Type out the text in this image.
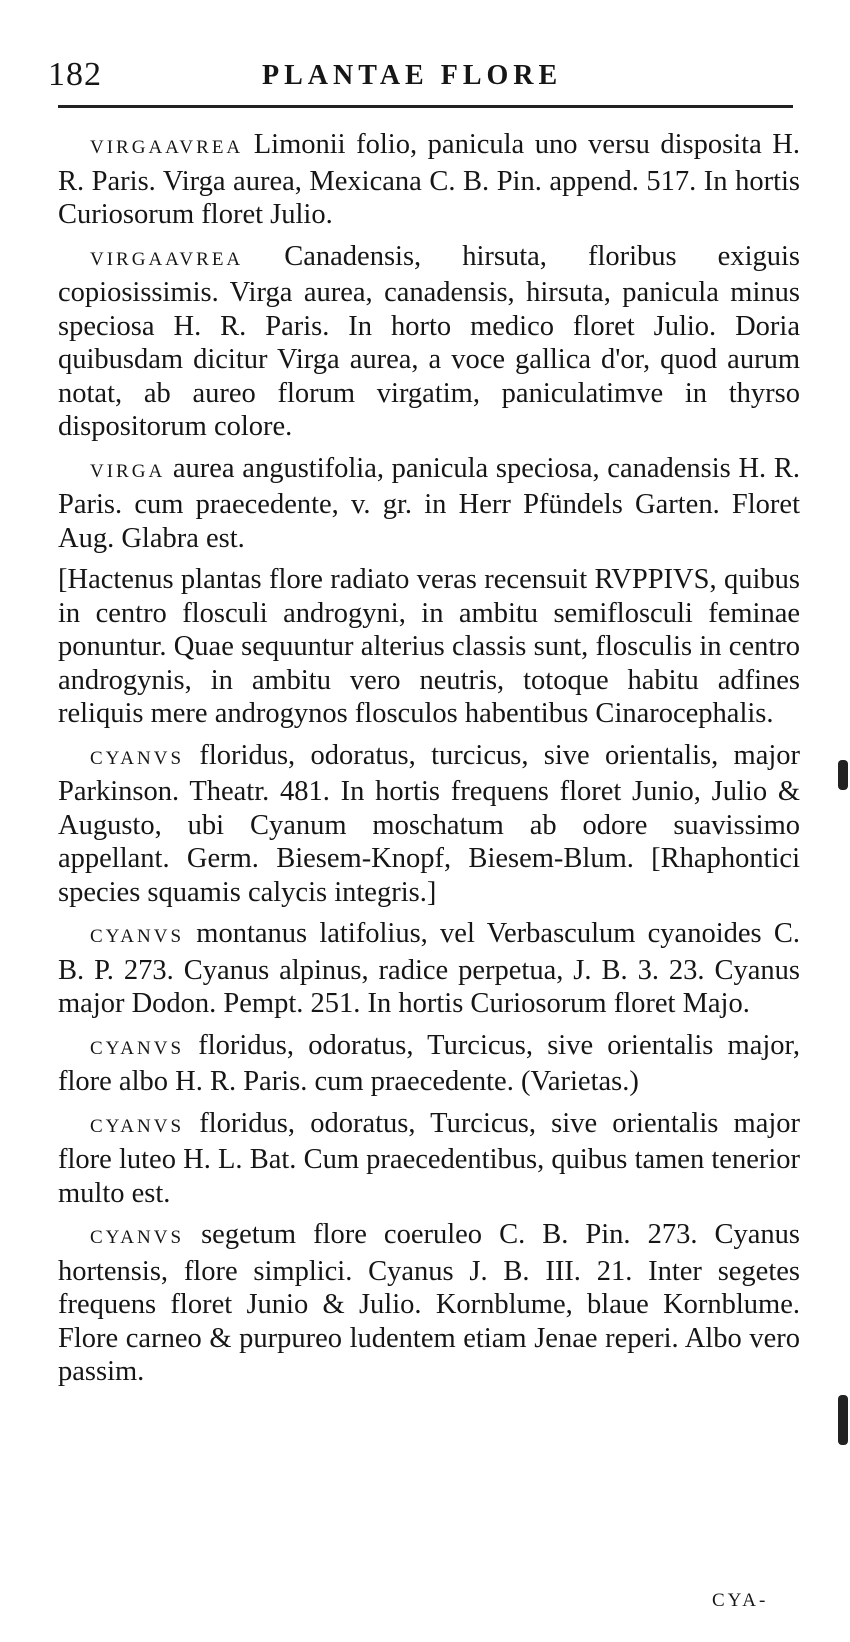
182	PLANTAE FLORE

VIRGAAVREA Limonii folio, panicula uno versu disposita H. R. Paris. Virga aurea, Mexicana C. B. Pin. append. 517. In hortis Curiosorum floret Julio.

VIRGAAVREA Canadensis, hirsuta, floribus exiguis copiosissimis. Virga aurea, canadensis, hirsuta, panicula minus speciosa H. R. Paris. In horto medico floret Julio. Doria quibusdam dicitur Virga aurea, a voce gallica d'or, quod aurum notat, ab aureo florum virgatim, paniculatimve in thyrso dispositorum colore.

VIRGA aurea angustifolia, panicula speciosa, canadensis H. R. Paris. cum praecedente, v. gr. in Herr Pfündels Garten. Floret Aug. Glabra est.

[Hactenus plantas flore radiato veras recensuit RVPPIVS, quibus in centro flosculi androgyni, in ambitu semiflosculi feminae ponuntur. Quae sequuntur alterius classis sunt, flosculis in centro androgynis, in ambitu vero neutris, totoque habitu adfines reliquis mere androgynos flosculos habentibus Cinarocephalis.

CYANVS floridus, odoratus, turcicus, sive orientalis, major Parkinson. Theatr. 481. In hortis frequens floret Junio, Julio & Augusto, ubi Cyanum moschatum ab odore suavissimo appellant. Germ. Biesem-Knopf, Biesem-Blum. [Rhaphontici species squamis calycis integris.]

CYANVS montanus latifolius, vel Verbasculum cyanoides C. B. P. 273. Cyanus alpinus, radice perpetua, J. B. 3. 23. Cyanus major Dodon. Pempt. 251. In hortis Curiosorum floret Majo.

CYANVS floridus, odoratus, Turcicus, sive orientalis major, flore albo H. R. Paris. cum praecedente. (Varietas.)

CYANVS floridus, odoratus, Turcicus, sive orientalis major flore luteo H. L. Bat. Cum praecedentibus, quibus tamen tenerior multo est.

CYANVS segetum flore coeruleo C. B. Pin. 273. Cyanus hortensis, flore simplici. Cyanus J. B. III. 21. Inter segetes frequens floret Junio & Julio. Kornblume, blaue Kornblume. Flore carneo & purpureo ludentem etiam Jenae reperi. Albo vero passim.

CYA-
